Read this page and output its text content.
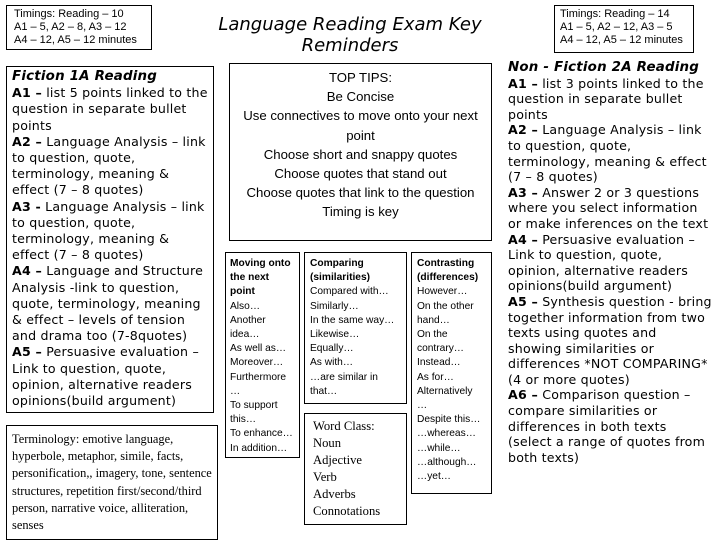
Timings: Reading – 10
A1 – 5, A2 – 8, A3 – 12
A4 – 12, A5 – 12 minutes
Language Reading Exam Key Reminders
Timings: Reading – 14
A1 – 5, A2 – 12, A3 – 5
A4 – 12, A5 – 12 minutes
Fiction 1A Reading
A1 – list 5 points linked to the question in separate bullet points
A2 – Language Analysis – link to question, quote, terminology, meaning & effect (7 – 8 quotes)
A3 - Language Analysis – link to question, quote, terminology, meaning & effect (7 – 8 quotes)
A4 – Language and Structure Analysis -link to question, quote, terminology, meaning & effect – levels of tension and drama too (7-8quotes)
A5 – Persuasive evaluation – Link to question, quote, opinion, alternative readers opinions(build argument)
Terminology: emotive language, hyperbole, metaphor, simile, facts, personification,, imagery, tone, sentence structures, repetition first/second/third person, narrative voice, alliteration, senses
TOP TIPS:
Be Concise
Use connectives to move onto your next point
Choose short and snappy quotes
Choose quotes that stand out
Choose quotes that link to the question
Timing is key
Moving onto the next point
Also…
Another idea…
As well as…
Moreover…
Furthermore …
To support this…
To enhance…
In addition…
Comparing (similarities)
Compared with…
Similarly…
In the same way…
Likewise…
Equally…
As with…
…are similar in that…
Contrasting (differences)
However…
On the other hand…
On the contrary…
Instead…
As for…
Alternatively …
Despite this…
…whereas…
…while…
…although…
…yet…
Word Class:
Noun
Adjective
Verb
Adverbs
Connotations
Non - Fiction 2A Reading
A1 – list 3 points linked to the question in separate bullet points
A2 – Language Analysis – link to question, quote, terminology, meaning & effect (7 – 8 quotes)
A3 – Answer 2 or 3 questions where you select information or make inferences on the text
A4 – Persuasive evaluation – Link to question, quote, opinion, alternative readers opinions(build argument)
A5 – Synthesis question - bring together information from two texts using quotes and showing similarities or differences *NOT COMPARING* (4 or more quotes)
A6 – Comparison question – compare similarities or differences in both texts (select a range of quotes from both texts)
